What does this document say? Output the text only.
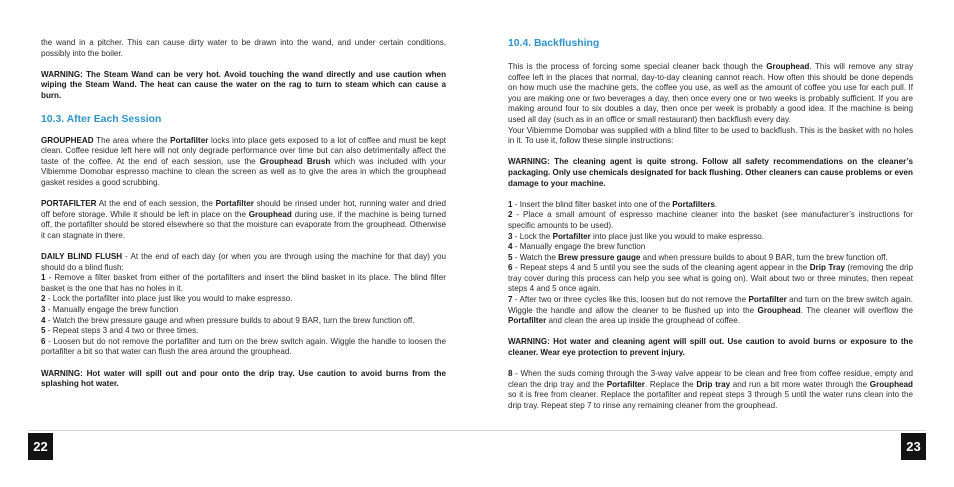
the wand in a pitcher. This can cause dirty water to be drawn into the wand, and under certain conditions, possibly into the boiler.

WARNING: The Steam Wand can be very hot. Avoid touching the wand directly and use caution when wiping the Steam Wand. The heat can cause the water on the rag to turn to steam which can cause a burn.

10.3. After Each Session

GROUPHEAD The area where the Portafilter locks into place gets exposed to a lot of coffee and must be kept clean. Coffee residue left here will not only degrade performance over time but can also detrimentally affect the taste of the coffee. At the end of each session, use the Grouphead Brush which was included with your Vibiemme Domobar espresso machine to clean the screen as well as to give the area in which the grouphead gasket resides a good scrubbing.

PORTAFILTER At the end of each session, the Portafilter should be rinsed under hot, running water and dried off before storage. While it should be left in place on the Grouphead during use, if the machine is being turned off, the portafilter should be stored elsewhere so that the moisture can evaporate from the grouphead. Otherwise it can stagnate in there.

DAILY BLIND FLUSH - At the end of each day (or when you are through using the machine for that day) you should do a blind flush:

1 - Remove a filter basket from either of the portafilters and insert the blind basket in its place. The blind filter basket is the one that has no holes in it.

2 - Lock the portafilter into place just like you would to make espresso.

3 - Manually engage the brew function

4 - Watch the brew pressure gauge and when pressure builds to about 9 BAR, turn the brew function off.

5 - Repeat steps 3 and 4 two or three times.

6 - Loosen but do not remove the portafilter and turn on the brew switch again. Wiggle the handle to loosen the portafilter a bit so that water can flush the area around the grouphead.

WARNING: Hot water will spill out and pour onto the drip tray. Use caution to avoid burns from the splashing hot water.

10.4. Backflushing

This is the process of forcing some special cleaner back though the Grouphead. This will remove any stray coffee left in the places that normal, day-to-day cleaning cannot reach. How often this should be done depends on how much use the machine gets, the coffee you use, as well as the amount of coffee you use for each pull. If you are making one or two beverages a day, then once every one or two weeks is probably sufficient. If you are making around four to six doubles a day, then once per week is probably a good idea. If the machine is being used all day (such as in an office or small restaurant) then backflush every day.

Your Vibiemme Domobar was supplied with a blind filter to be used to backflush. This is the basket with no holes in it. To use it, follow these simple instructions:

WARNING: The cleaning agent is quite strong. Follow all safety recommendations on the cleaner’s packaging. Only use chemicals designated for back flushing. Other cleaners can cause problems or even damage to your machine.

1 - Insert the blind filter basket into one of the Portafilters.

2 - Place a small amount of espresso machine cleaner into the basket (see manufacturer’s instructions for specific amounts to be used).

3 - Lock the Portafilter into place just like you would to make espresso.

4 - Manually engage the brew function

5 - Watch the Brew pressure gauge and when pressure builds to about 9 BAR, turn the brew function off.

6 - Repeat steps 4 and 5 until you see the suds of the cleaning agent appear in the Drip Tray (removing the drip tray cover during this process can help you see what is going on). Wait about two or three minutes, then repeat steps 4 and 5 once again.

7 - After two or three cycles like this, loosen but do not remove the Portafilter and turn on the brew switch again. Wiggle the handle and allow the cleaner to be flushed up into the Grouphead. The cleaner will overflow the Portafilter and clean the area up inside the grouphead of coffee.

WARNING: Hot water and cleaning agent will spill out. Use caution to avoid burns or exposure to the cleaner. Wear eye protection to prevent injury.

8 - When the suds coming through the 3-way valve appear to be clean and free from coffee residue, empty and clean the drip tray and the Portafilter. Replace the Drip tray and run a bit more water through the Grouphead so it is free from cleaner. Replace the portafilter and repeat steps 3 through 5 until the water runs clean into the drip tray. Repeat step 7 to rinse any remaining cleaner from the grouphead.

22	23
